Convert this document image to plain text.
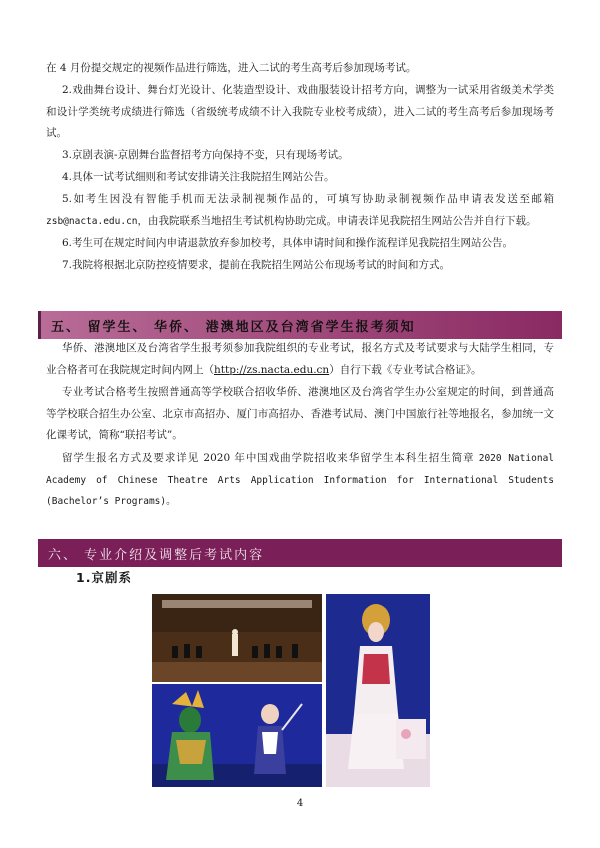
在 4 月份提交规定的视频作品进行筛选，进入二试的考生高考后参加现场考试。
2.戏曲舞台设计、舞台灯光设计、化装造型设计、戏曲服装设计招考方向，调整为一试采用省级美术学类和设计学类统考成绩进行筛选（省级统考成绩不计入我院专业校考成绩），进入二试的考生高考后参加现场考试。
3.京剧表演-京剧舞台监督招考方向保持不变，只有现场考试。
4.具体一试考试细则和考试安排请关注我院招生网站公告。
5.如考生因没有智能手机而无法录制视频作品的，可填写协助录制视频作品申请表发送至邮箱zsb@nacta.edu.cn，由我院联系当地招生考试机构协助完成。申请表详见我院招生网站公告并自行下载。
6.考生可在规定时间内申请退款放弃参加校考，具体申请时间和操作流程详见我院招生网站公告。
7.我院将根据北京防控疫情要求，提前在我院招生网站公布现场考试的时间和方式。
五、 留学生、 华侨、 港澳地区及台湾省学生报考须知
华侨、港澳地区及台湾省学生报考须参加我院组织的专业考试，报名方式及考试要求与大陆学生相同，专业合格者可在我院规定时间内网上（http://zs.nacta.edu.cn）自行下载《专业考试合格证》。
专业考试合格考生按照普通高等学校联合招收华侨、港澳地区及台湾省学生办公室规定的时间，到普通高等学校联合招生办公室、北京市高招办、厦门市高招办、香港考试局、澳门中国旅行社等地报名，参加统一文化课考试，简称“联招考试”。
留学生报名方式及要求详见 2020 年中国戏曲学院招收来华留学生本科生招生简章 2020 National Academy of Chinese Theatre Arts Application Information for International Students (Bachelor’s Programs)。
六、 专业介绍及调整后考试内容
1.京剧系
4
